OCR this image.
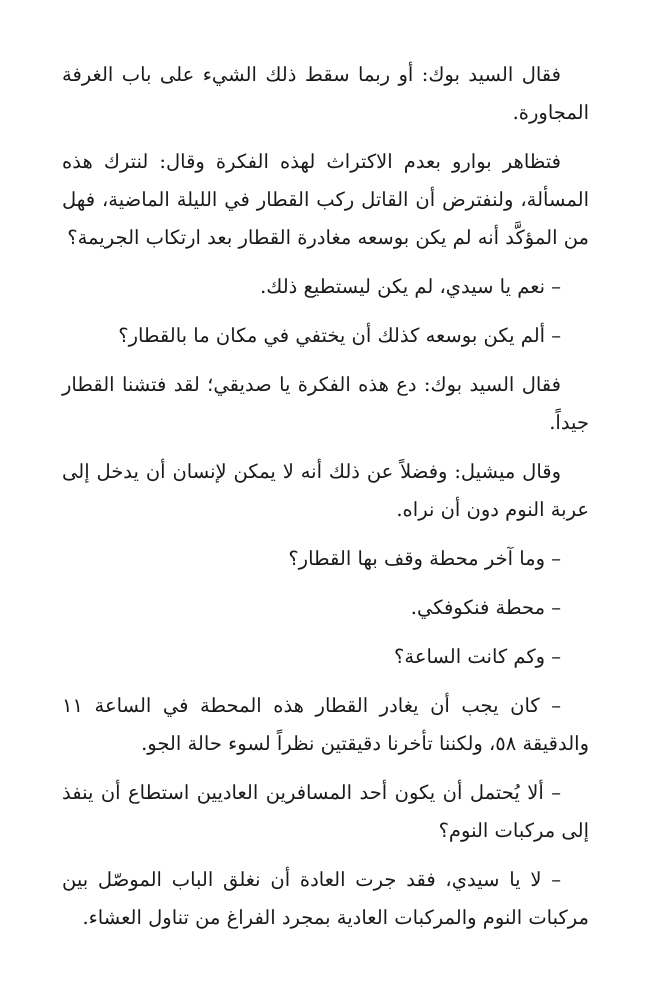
فقال السيد بوك: أو ربما سقط ذلك الشيء على باب الغرفة المجاورة.

فتظاهر بوارو بعدم الاكتراث لهذه الفكرة وقال: لنترك هذه المسألة، ولنفترض أن القاتل ركب القطار في الليلة الماضية، فهل من المؤكَّد أنه لم يكن بوسعه مغادرة القطار بعد ارتكاب الجريمة؟

– نعم يا سيدي، لم يكن ليستطيع ذلك.

– ألم يكن بوسعه كذلك أن يختفي في مكان ما بالقطار؟

فقال السيد بوك: دع هذه الفكرة يا صديقي؛ لقد فتشنا القطار جيداً.

وقال ميشيل: وفضلاً عن ذلك أنه لا يمكن لإنسان أن يدخل إلى عربة النوم دون أن نراه.

– وما آخر محطة وقف بها القطار؟

– محطة فنكوفكي.

– وكم كانت الساعة؟

– كان يجب أن يغادر القطار هذه المحطة في الساعة ١١ والدقيقة ٥٨، ولكننا تأخرنا دقيقتين نظراً لسوء حالة الجو.

– ألا يُحتمل أن يكون أحد المسافرين العاديين استطاع أن ينفذ إلى مركبات النوم؟

– لا يا سيدي، فقد جرت العادة أن نغلق الباب الموصّل بين مركبات النوم والمركبات العادية بمجرد الفراغ من تناول العشاء.
